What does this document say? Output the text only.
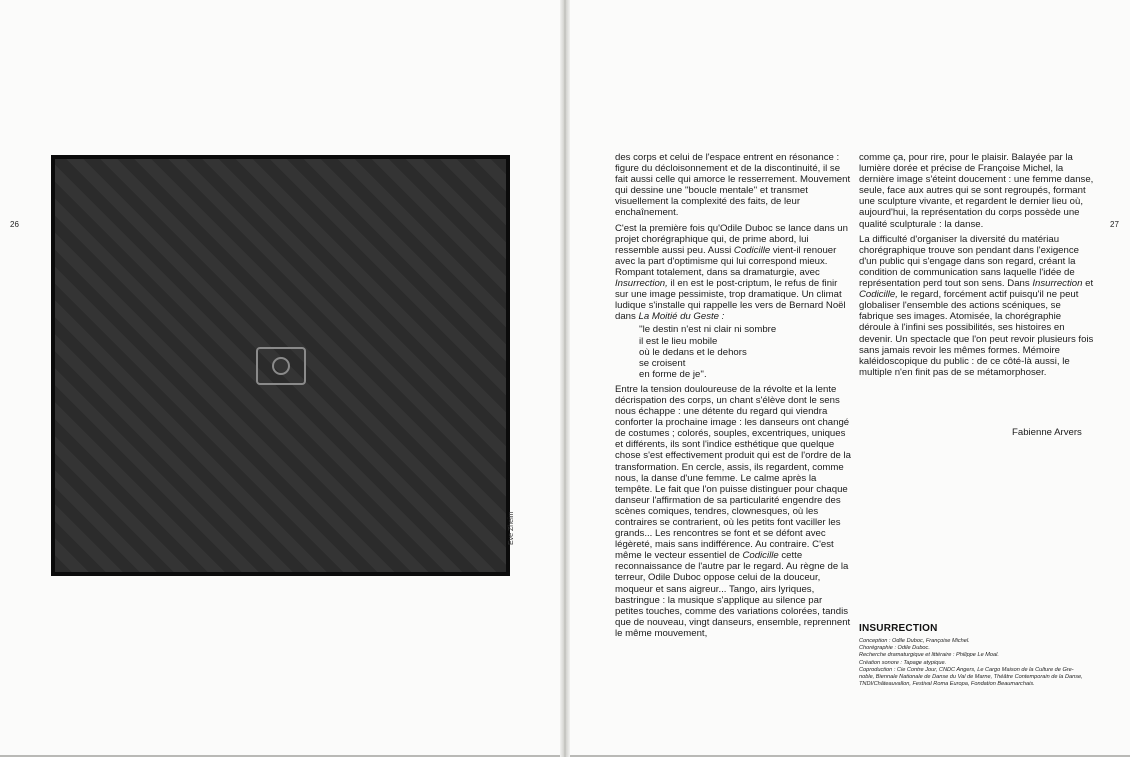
26	27
Eve Zheim

des corps et celui de l'espace entrent en résonance : figure du décloisonnement et de la discontinuité, il se fait aussi celle qui amorce le resserrement. Mouvement qui dessine une ''boucle mentale'' et transmet visuellement la complexité des faits, de leur enchaînement.

C'est la première fois qu'Odile Duboc se lance dans un projet chorégraphique qui, de prime abord, lui ressemble aussi peu. Aussi Codicille vient-il renouer avec la part d'optimisme qui lui correspond mieux. Rompant totalement, dans sa dramaturgie, avec Insurrection, il en est le post-criptum, le refus de finir sur une image pessimiste, trop dramatique. Un climat ludique s'installe qui rappelle les vers de Bernard Noël dans La Moitié du Geste :

''le destin n'est ni clair ni sombre
il est le lieu mobile
où le dedans et le dehors
se croisent
en forme de je''.

Entre la tension douloureuse de la révolte et la lente décrispation des corps, un chant s'élève dont le sens nous échappe : une détente du regard qui viendra conforter la prochaine image : les danseurs ont changé de costumes ; colorés, souples, excentriques, uniques et différents, ils sont l'indice esthétique que quelque chose s'est effectivement produit qui est de l'ordre de la transformation. En cercle, assis, ils regardent, comme nous, la danse d'une femme. Le calme après la tempête. Le fait que l'on puisse distinguer pour chaque danseur l'affirmation de sa particularité engendre des scènes comiques, tendres, clownesques, où les contraires se contrarient, où les petits font vaciller les grands... Les rencontres se font et se défont avec légèreté, mais sans indifférence. Au contraire. C'est même le vecteur essentiel de Codicille cette reconnaissance de l'autre par le regard. Au règne de la terreur, Odile Duboc oppose celui de la douceur, moqueur et sans aigreur... Tango, airs lyriques, bastringue : la musique s'applique au silence par petites touches, comme des variations colorées, tandis que de nouveau, vingt danseurs, ensemble, reprennent le même mouvement,

comme ça, pour rire, pour le plaisir. Balayée par la lumière dorée et précise de Françoise Michel, la dernière image s'éteint doucement : une femme danse, seule, face aux autres qui se sont regroupés, formant une sculpture vivante, et regardent le dernier lieu où, aujourd'hui, la représentation du corps possède une qualité sculpturale : la danse.

La difficulté d'organiser la diversité du matériau chorégraphique trouve son pendant dans l'exigence d'un public qui s'engage dans son regard, créant la condition de communication sans laquelle l'idée de représentation perd tout son sens. Dans Insurrection et Codicille, le regard, forcément actif puisqu'il ne peut globaliser l'ensemble des actions scéniques, se fabrique ses images. Atomisée, la chorégraphie déroule à l'infini ses possibilités, ses histoires en devenir. Un spectacle que l'on peut revoir plusieurs fois sans jamais revoir les mêmes formes. Mémoire kaléidoscopique du public : de ce côté-là aussi, le multiple n'en finit pas de se métamorphoser.

Fabienne Arvers
INSURRECTION
Conception : Odile Duboc, Françoise Michel.
Chorégraphie : Odile Duboc.
Recherche dramaturgique et littéraire : Philippe Le Moal.
Création sonore : Tapage atypique.
Coproduction : Cie Contre Jour, CNDC Angers, Le Cargo Maison de la Culture de Gre-
noble, Biennale Nationale de Danse du Val de Marne, Théâtre Contemporain de la Danse,
TNDI/Châteauvallon, Festival Roma Europa, Fondation Beaumarchais.
